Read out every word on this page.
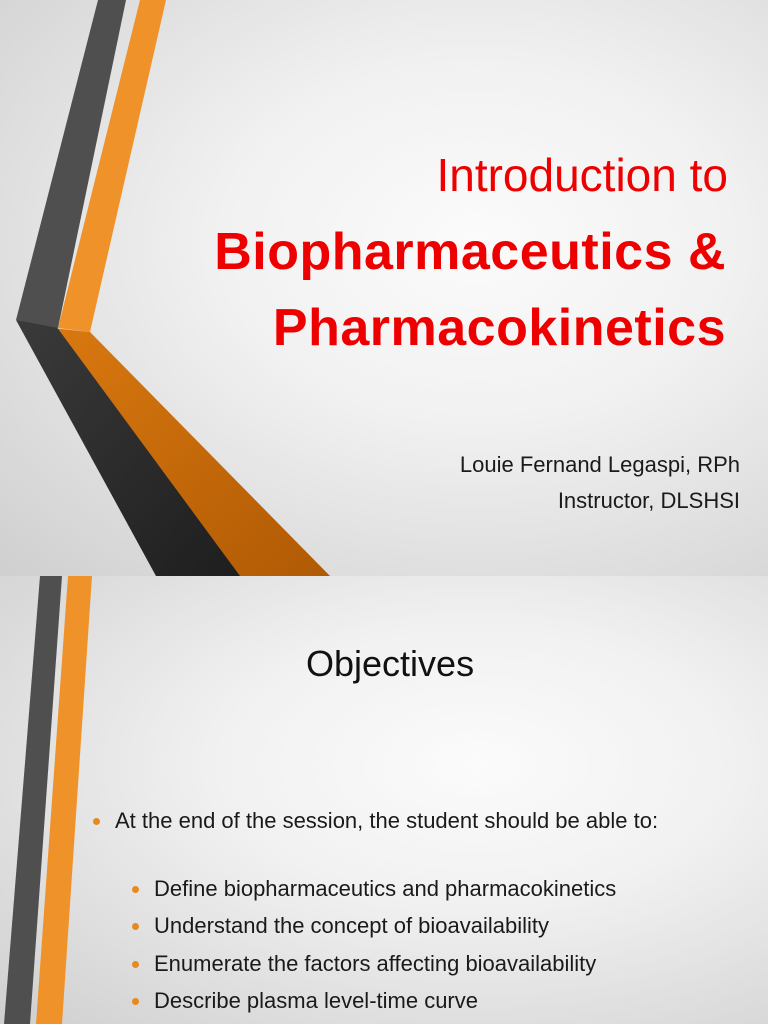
Introduction to
Biopharmaceutics &
Pharmacokinetics
Louie Fernand Legaspi, RPh
Instructor, DLSHSI
Objectives
At the end of the session, the student should be able to:
Define biopharmaceutics and pharmacokinetics
Understand the concept of bioavailability
Enumerate the factors affecting bioavailability
Describe plasma level-time curve
